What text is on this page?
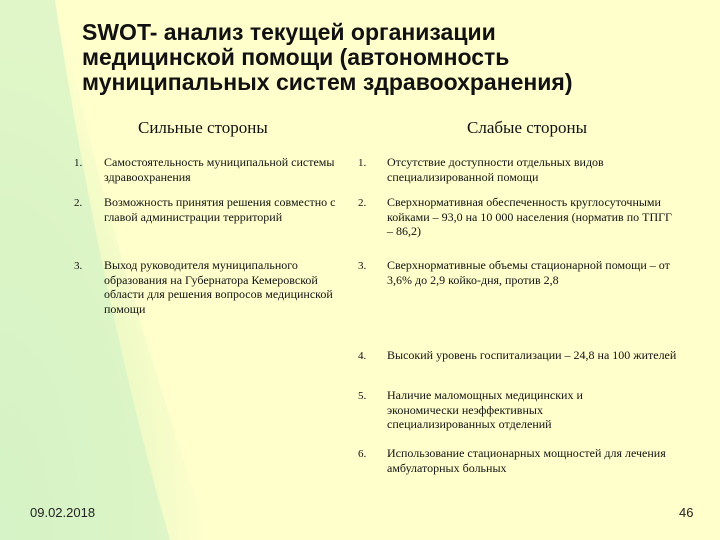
SWOT- анализ текущей организации
медицинской помощи (автономность
муниципальных систем здравоохранения)
Сильные стороны	Слабые стороны
1. Самостоятельность муниципальной системы здравоохранения
2. Возможность принятия решения совместно с главой администрации территорий
3. Выход руководителя муниципального образования на Губернатора Кемеровской области для решения вопросов медицинской помощи
1. Отсутствие доступности отдельных видов специализированной помощи
2. Сверхнормативная обеспеченность круглосуточными койками – 93,0 на 10 000 населения (норматив по ТПГГ – 86,2)
3. Сверхнормативные объемы стационарной помощи – от 3,6% до 2,9 койко-дня, против 2,8
4. Высокий уровень госпитализации – 24,8 на 100 жителей
5. Наличие маломощных медицинских и экономически неэффективных специализированных отделений
6. Использование стационарных мощностей для лечения амбулаторных больных
09.02.2018	46
